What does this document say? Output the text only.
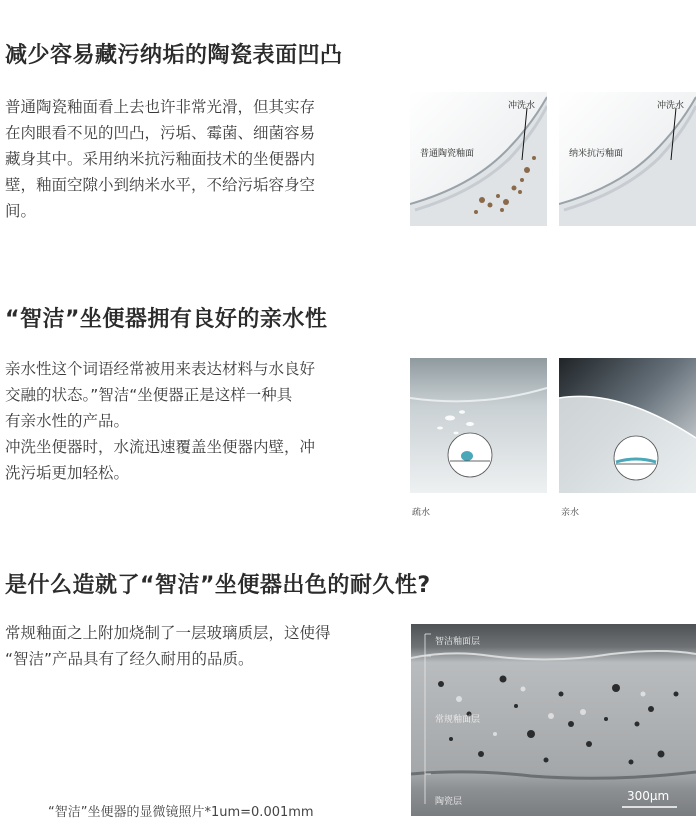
减少容易藏污纳垢的陶瓷表面凹凸
普通陶瓷釉面看上去也许非常光滑，但其实存
在肉眼看不见的凹凸，污垢、霉菌、细菌容易
藏身其中。采用纳米抗污釉面技术的坐便器内
壁，釉面空隙小到纳米水平，不给污垢容身空
间。
冲洗水
普通陶瓷釉面
冲洗水
纳米抗污釉面
“智洁”坐便器拥有良好的亲水性
亲水性这个词语经常被用来表达材料与水良好
交融的状态。”智洁“坐便器正是这样一种具
有亲水性的产品。
冲洗坐便器时，水流迅速覆盖坐便器内壁，冲
洗污垢更加轻松。
疏水	亲水
是什么造就了“智洁”坐便器出色的耐久性?
常规釉面之上附加烧制了一层玻璃质层，这使得
“智洁”产品具有了经久耐用的品质。
智洁釉面层
常规釉面层
陶瓷层	300μm
“智洁”坐便器的显微镜照片*1um=0.001mm
